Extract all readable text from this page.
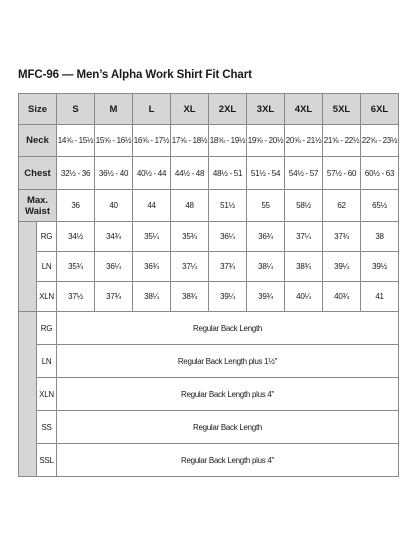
MFC-96 — Men’s Alpha Work Shirt Fit Chart
Size		S	M	L	XL	2XL	3XL	4XL	5XL	6XL
Neck		14⅝ - 15½	15⅝ - 16½	16⅝ - 17½	17⅝ - 18½	18⅝ - 19½	19⅝ - 20½	20⅝ - 21½	21⅝ - 22½	22⅝ - 23½
Chest		32½ - 36	36½ - 40	40½ - 44	44½ - 48	48½ - 51	51½ - 54	54½ - 57	57½ - 60	60½ - 63
Max. Waist		36	40	44	48	51½	55	58½	62	65½
	RG	34½	34¾	35¼	35¾	36¼	36¾	37¼	37¾	38
	LN	35¾	36¼	36¾	37¼	37¾	38¼	38¾	39¼	39½
	XLN	37½	37¾	38¼	38¾	39¼	39¾	40¼	40¾	41
	RG	Regular Back Length								
	LN	Regular Back Length plus 1½"								
	XLN	Regular Back Length plus 4"								
	SS	Regular Back Length								
	SSL	Regular Back Length plus 4"								
